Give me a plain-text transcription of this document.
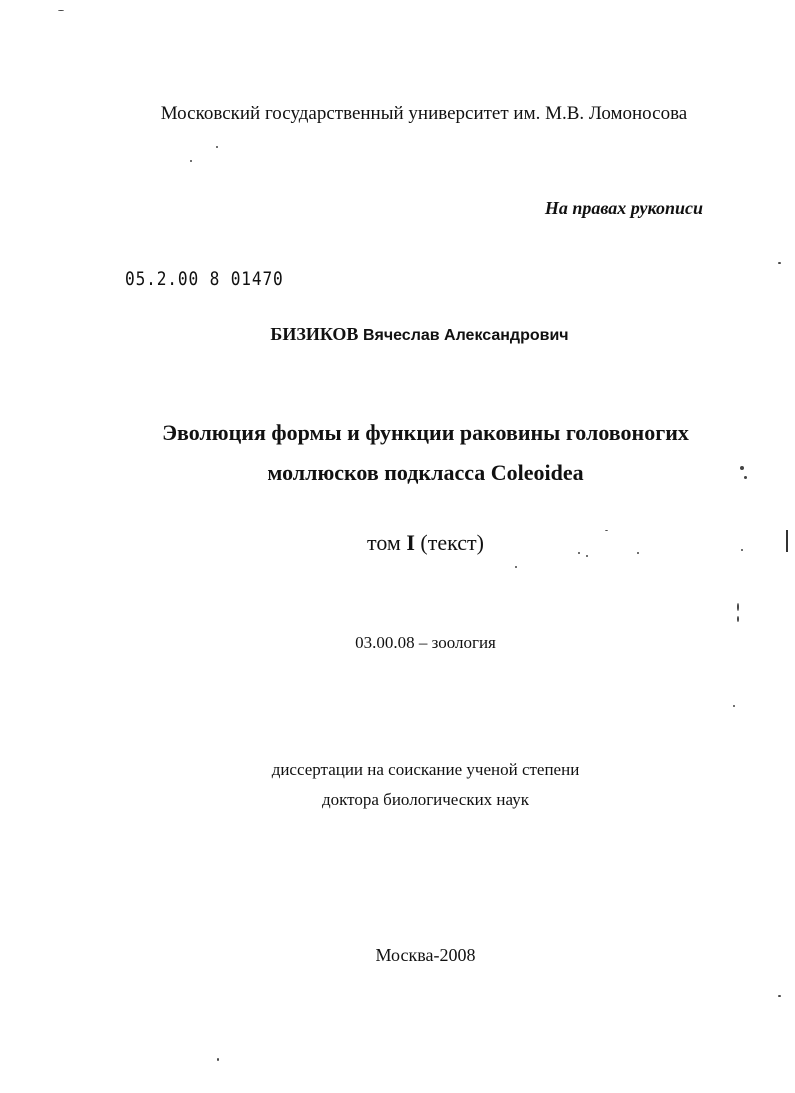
Московский государственный университет им. М.В. Ломоносова
На правах рукописи
05.2.00 8 01470
БИЗИКОВ Вячеслав Александрович
Эволюция формы и функции раковины головоногих
моллюсков подкласса Coleoidea
том I (текст)
03.00.08 – зоология
диссертации на соискание ученой степени
доктора биологических наук
Москва-2008
